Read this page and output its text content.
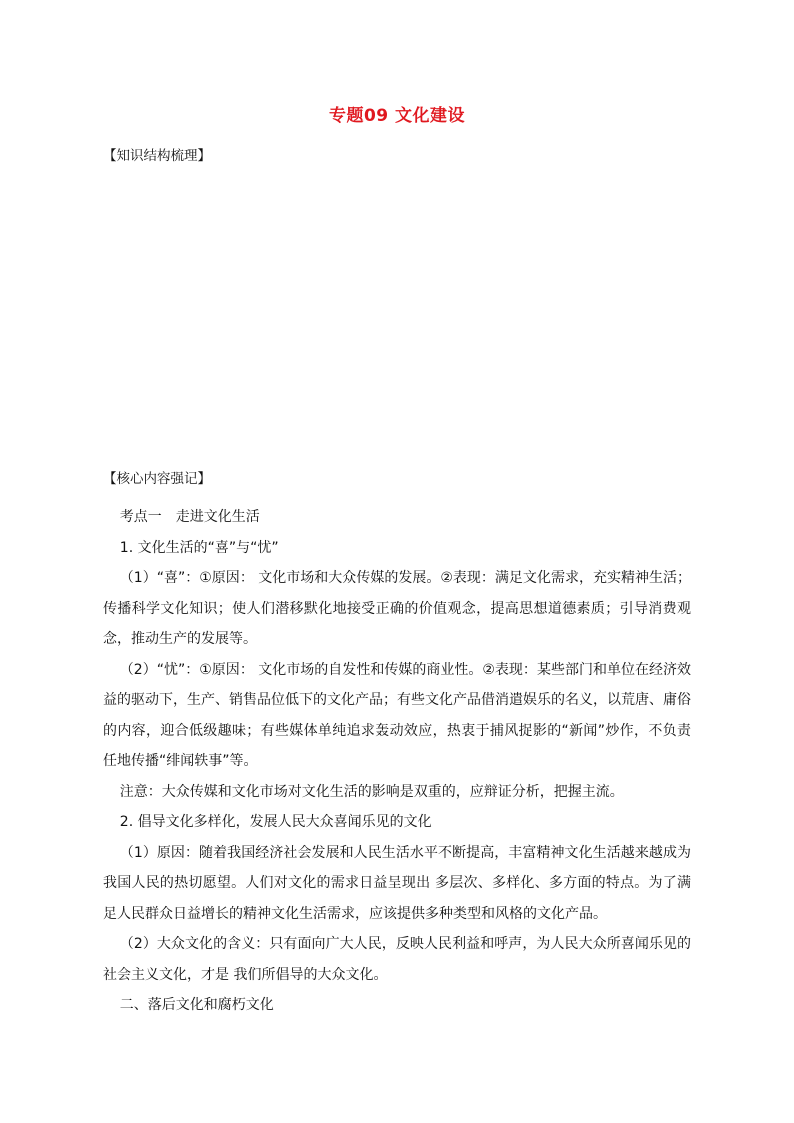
专题09 文化建设
【知识结构梳理】
【核心内容强记】

考点一　走进文化生活

1. 文化生活的“喜”与“忧”

（1）“喜”：①原因： 文化市场和大众传媒的发展。②表现：满足文化需求，充实精神生活；传播科学文化知识；使人们潜移默化地接受正确的价值观念，提高思想道德素质；引导消费观念，推动生产的发展等。

（2）“忧”：①原因： 文化市场的自发性和传媒的商业性。②表现：某些部门和单位在经济效益的驱动下，生产、销售品位低下的文化产品；有些文化产品借消遣娱乐的名义，以荒唐、庸俗的内容，迎合低级趣味；有些媒体单纯追求轰动效应，热衷于捕风捉影的“新闻”炒作，不负责任地传播“绯闻轶事”等。

注意：大众传媒和文化市场对文化生活的影响是双重的，应辩证分析，把握主流。

2. 倡导文化多样化，发展人民大众喜闻乐见的文化

（1）原因：随着我国经济社会发展和人民生活水平不断提高，丰富精神文化生活越来越成为我国人民的热切愿望。人们对文化的需求日益呈现出 多层次、多样化、多方面的特点。为了满足人民群众日益增长的精神文化生活需求，应该提供多种类型和风格的文化产品。

（2）大众文化的含义：只有面向广大人民，反映人民利益和呼声，为人民大众所喜闻乐见的社会主义文化，才是 我们所倡导的大众文化。

二、落后文化和腐朽文化
